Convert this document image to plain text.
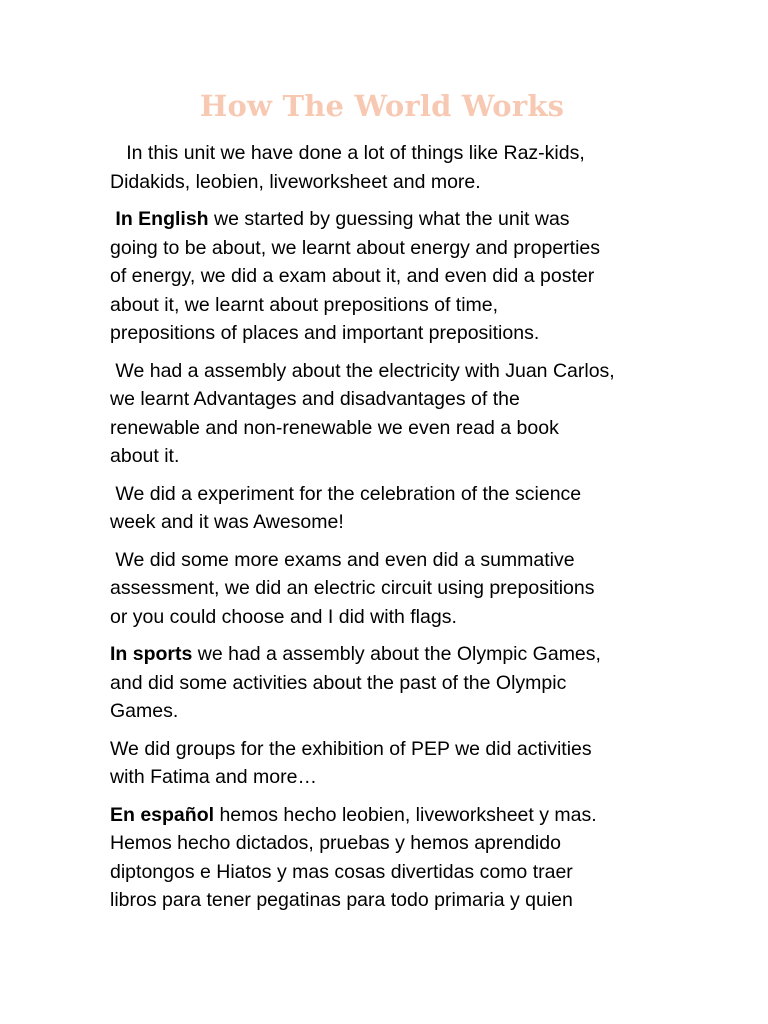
How The World Works

In this unit we have done a lot of things like Raz-kids,
Didakids, leobien, liveworksheet and more.

In English we started by guessing what the unit was
going to be about, we learnt about energy and properties
of energy, we did a exam about it, and even did a poster
about it, we learnt about prepositions of time,
prepositions of places and important prepositions.

We had a assembly about the electricity with Juan Carlos,
we learnt Advantages and disadvantages of the
renewable and non-renewable we even read a book
about it.

We did a experiment for the celebration of the science
week and it was Awesome!

We did some more exams and even did a summative
assessment, we did an electric circuit using prepositions
or you could choose and I did with flags.

In sports we had a assembly about the Olympic Games,
and did some activities about the past of the Olympic
Games.

We did groups for the exhibition of PEP we did activities
with Fatima and more…

En español hemos hecho leobien, liveworksheet y mas.
Hemos hecho dictados, pruebas y hemos aprendido
diptongos e Hiatos y mas cosas divertidas como traer
libros para tener pegatinas para todo primaria y quien
